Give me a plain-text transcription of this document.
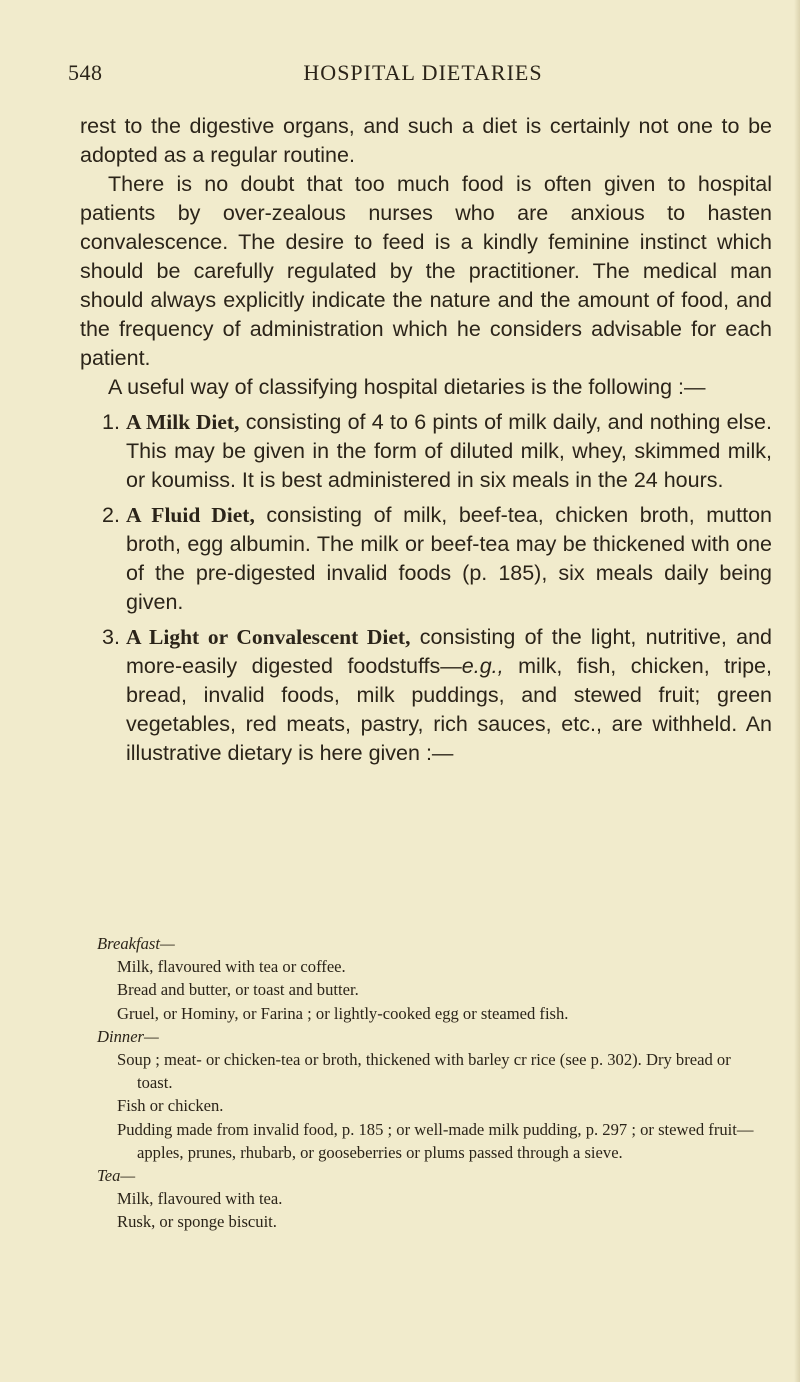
548	HOSPITAL DIETARIES

rest to the digestive organs, and such a diet is certainly not one to be adopted as a regular routine.

There is no doubt that too much food is often given to hospital patients by over-zealous nurses who are anxious to hasten convalescence. The desire to feed is a kindly feminine instinct which should be carefully regulated by the practitioner. The medical man should always explicitly indicate the nature and the amount of food, and the frequency of administration which he considers advisable for each patient.

A useful way of classifying hospital dietaries is the following :—

1. A Milk Diet, consisting of 4 to 6 pints of milk daily, and nothing else. This may be given in the form of diluted milk, whey, skimmed milk, or koumiss. It is best administered in six meals in the 24 hours.
2. A Fluid Diet, consisting of milk, beef-tea, chicken broth, mutton broth, egg albumin. The milk or beef-tea may be thickened with one of the pre-digested invalid foods (p. 185), six meals daily being given.
3. A Light or Convalescent Diet, consisting of the light, nutritive, and more-easily digested foodstuffs—e.g., milk, fish, chicken, tripe, bread, invalid foods, milk puddings, and stewed fruit; green vegetables, red meats, pastry, rich sauces, etc., are withheld. An illustrative dietary is here given :—

Breakfast—

Milk, flavoured with tea or coffee.

Bread and butter, or toast and butter.

Gruel, or Hominy, or Farina ; or lightly-cooked egg or steamed fish.

Dinner—

Soup ; meat- or chicken-tea or broth, thickened with barley cr rice (see p. 302). Dry bread or toast.

Fish or chicken.

Pudding made from invalid food, p. 185 ; or well-made milk pudding, p. 297 ; or stewed fruit—apples, prunes, rhubarb, or gooseberries or plums passed through a sieve.

Tea—

Milk, flavoured with tea.

Rusk, or sponge biscuit.
